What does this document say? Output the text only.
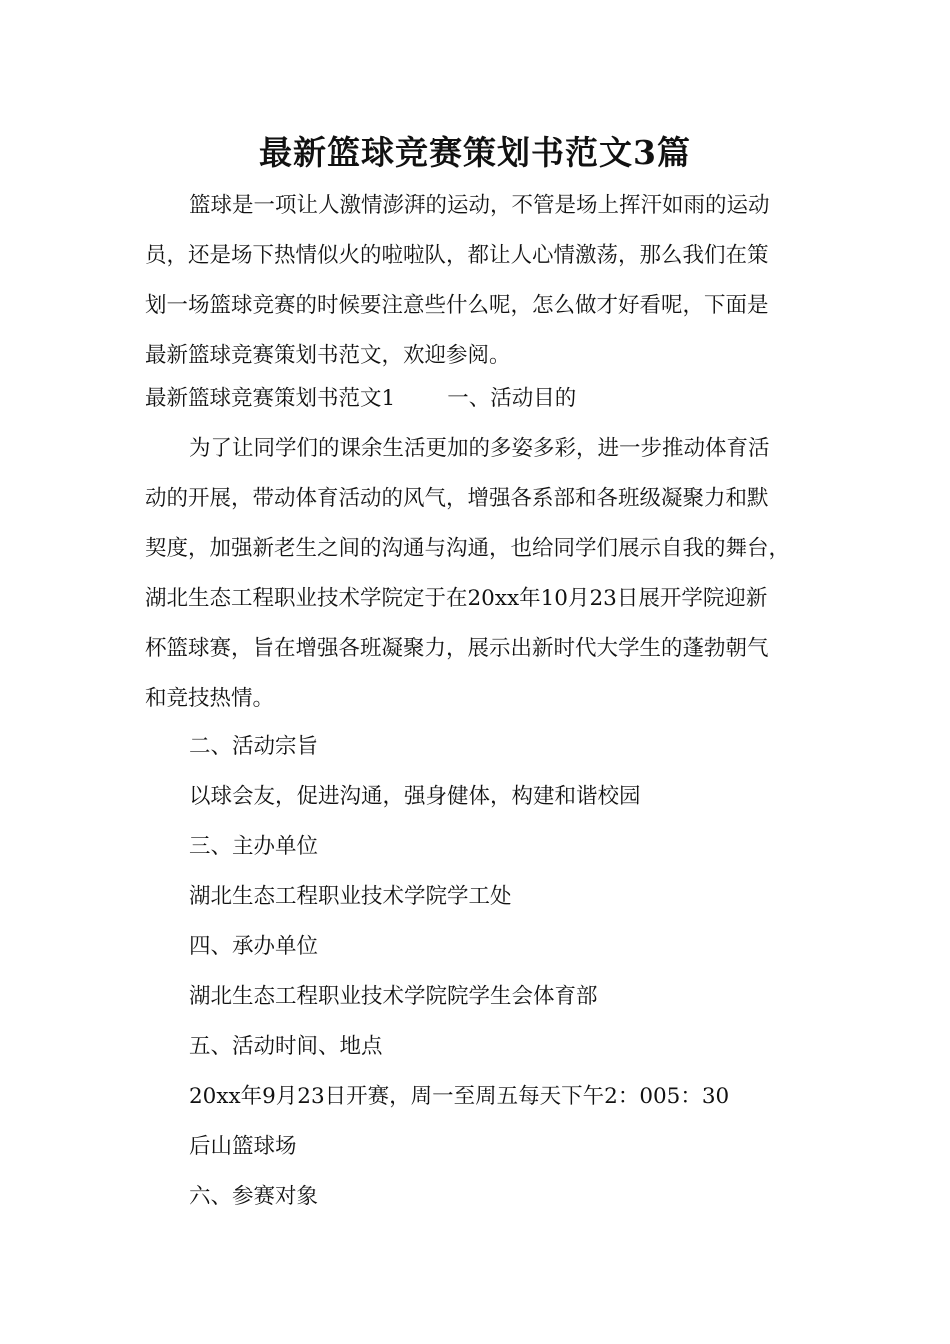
最新篮球竞赛策划书范文3篇
篮球是一项让人激情澎湃的运动，不管是场上挥汗如雨的运动
员，还是场下热情似火的啦啦队，都让人心情激荡，那么我们在策
划一场篮球竞赛的时候要注意些什么呢，怎么做才好看呢，下面是
最新篮球竞赛策划书范文，欢迎参阅。
最新篮球竞赛策划书范文1 一、活动目的
为了让同学们的课余生活更加的多姿多彩，进一步推动体育活
动的开展，带动体育活动的风气，增强各系部和各班级凝聚力和默
契度，加强新老生之间的沟通与沟通，也给同学们展示自我的舞台，
湖北生态工程职业技术学院定于在20xx年10月23日展开学院迎新
杯篮球赛，旨在增强各班凝聚力，展示出新时代大学生的蓬勃朝气
和竞技热情。
二、活动宗旨
以球会友，促进沟通，强身健体，构建和谐校园
三、主办单位
湖北生态工程职业技术学院学工处
四、承办单位
湖北生态工程职业技术学院院学生会体育部
五、活动时间、地点
20xx年9月23日开赛，周一至周五每天下午2：005：30
后山篮球场
六、参赛对象
